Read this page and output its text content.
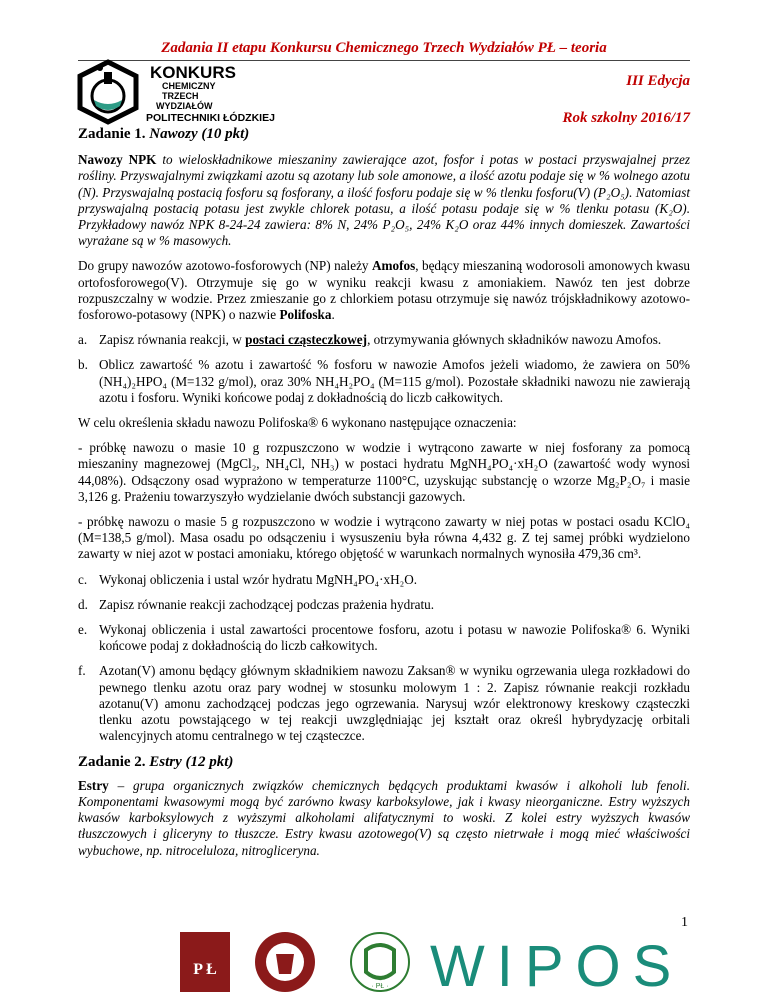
Zadania II etapu Konkursu Chemicznego Trzech Wydziałów PŁ – teoria
KONKURS
CHEMICZNY
TRZECH
WYDZIAŁÓW
POLITECHNIKI ŁÓDZKIEJ
III Edycja
Rok szkolny 2016/17
Zadanie 1. Nawozy (10 pkt)

Nawozy NPK to wieloskładnikowe mieszaniny zawierające azot, fosfor i potas w postaci przyswajalnej przez rośliny. Przyswajalnymi związkami azotu są azotany lub sole amonowe, a ilość azotu podaje się w % wolnego azotu (N). Przyswajalną postacią fosforu są fosforany, a ilość fosforu podaje się w % tlenku fosforu(V) (P₂O₅). Natomiast przyswajalną postacią potasu jest zwykle chlorek potasu, a ilość potasu podaje się w % tlenku potasu (K₂O). Przykładowy nawóz NPK 8-24-24 zawiera: 8% N, 24% P₂O₅, 24% K₂O oraz 44% innych domieszek. Zawartości wyrażane są w % masowych.

Do grupy nawozów azotowo-fosforowych (NP) należy Amofos, będący mieszaniną wodorosoli amonowych kwasu ortofosforowego(V). Otrzymuje się go w wyniku reakcji kwasu z amoniakiem. Nawóz ten jest dobrze rozpuszczalny w wodzie. Przez zmieszanie go z chlorkiem potasu otrzymuje się nawóz trójskładnikowy azotowo-fosforowo-potasowy (NPK) o nazwie Polifoska.

a. Zapisz równania reakcji, w postaci cząsteczkowej, otrzymywania głównych składników nawozu Amofos.
b. Oblicz zawartość % azotu i zawartość % fosforu w nawozie Amofos jeżeli wiadomo, że zawiera on 50% (NH₄)₂HPO₄ (M=132 g/mol), oraz 30% NH₄H₂PO₄ (M=115 g/mol). Pozostałe składniki nawozu nie zawierają azotu i fosforu. Wyniki końcowe podaj z dokładnością do liczb całkowitych.

W celu określenia składu nawozu Polifoska® 6 wykonano następujące oznaczenia:

- próbkę nawozu o masie 10 g rozpuszczono w wodzie i wytrącono zawarte w niej fosforany za pomocą mieszaniny magnezowej (MgCl₂, NH₄Cl, NH₃) w postaci hydratu MgNH₄PO₄·xH₂O (zawartość wody wynosi 44,08%). Odsączony osad wyprażono w temperaturze 1100°C, uzyskując substancję o wzorze Mg₂P₂O₇ i masie 3,126 g. Prażeniu towarzyszyło wydzielanie dwóch substancji gazowych.

- próbkę nawozu o masie 5 g rozpuszczono w wodzie i wytrącono zawarty w niej potas w postaci osadu KClO₄ (M=138,5 g/mol). Masa osadu po odsączeniu i wysuszeniu była równa 4,432 g. Z tej samej próbki wydzielono zawarty w niej azot w postaci amoniaku, którego objętość w warunkach normalnych wynosiła 479,36 cm³.

c. Wykonaj obliczenia i ustal wzór hydratu MgNH₄PO₄·xH₂O.
d. Zapisz równanie reakcji zachodzącej podczas prażenia hydratu.
e. Wykonaj obliczenia i ustal zawartości procentowe fosforu, azotu i potasu w nawozie Polifoska® 6. Wyniki końcowe podaj z dokładnością do liczb całkowitych.
f. Azotan(V) amonu będący głównym składnikiem nawozu Zaksan® w wyniku ogrzewania ulega rozkładowi do pewnego tlenku azotu oraz pary wodnej w stosunku molowym 1 : 2. Zapisz równanie reakcji rozkładu azotanu(V) amonu zachodzącej podczas jego ogrzewania. Narysuj wzór elektronowy kreskowy cząsteczki tlenku azotu powstającego w tej reakcji uwzględniając jej kształt oraz określ hybrydyzację orbitali walencyjnych atomu centralnego w tej cząsteczce.
Zadanie 2. Estry (12 pkt)

Estry – grupa organicznych związków chemicznych będących produktami kwasów i alkoholi lub fenoli. Komponentami kwasowymi mogą być zarówno kwasy karboksylowe, jak i kwasy nieorganiczne. Estry wyższych kwasów karboksylowych z wyższymi alkoholami alifatycznymi to woski. Z kolei estry wyższych kwasów tłuszczowych i gliceryny to tłuszcze. Estry kwasu azotowego(V) są często nietrwałe i mogą mieć właściwości wybuchowe, np. nitroceluloza, nitrogliceryna.

1
P Ł
· PŁ · WIPOS
